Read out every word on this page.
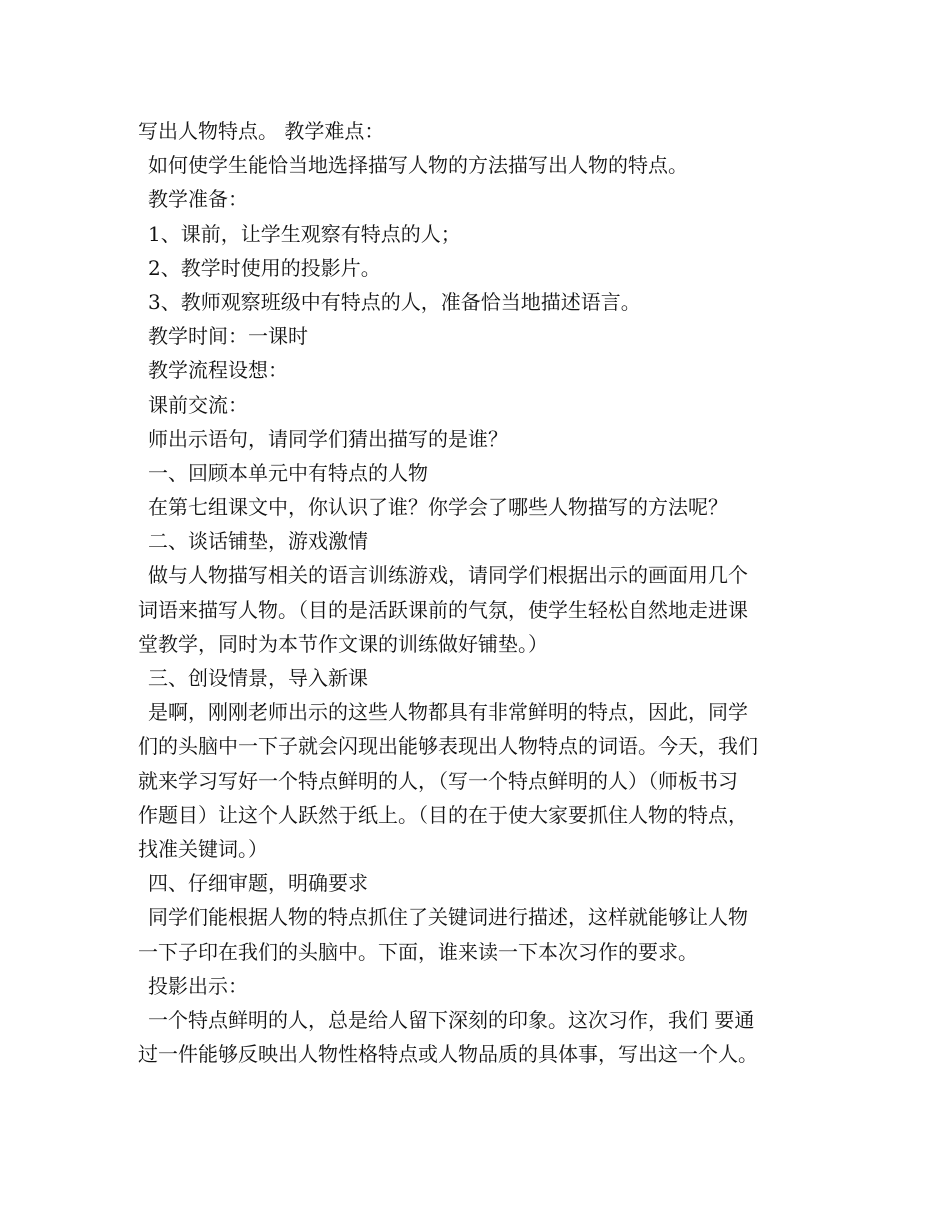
写出人物特点。 教学难点：
如何使学生能恰当地选择描写人物的方法描写出人物的特点。
教学准备：
1、课前，让学生观察有特点的人；
2、教学时使用的投影片。
3、教师观察班级中有特点的人，准备恰当地描述语言。
教学时间：一课时
教学流程设想：
课前交流：
师出示语句，请同学们猜出描写的是谁？
一、回顾本单元中有特点的人物
在第七组课文中，你认识了谁？你学会了哪些人物描写的方法呢？
二、谈话铺垫，游戏激情
做与人物描写相关的语言训练游戏，请同学们根据出示的画面用几个
词语来描写人物。（目的是活跃课前的气氛，使学生轻松自然地走进课
堂教学，同时为本节作文课的训练做好铺垫。）
三、创设情景，导入新课
是啊，刚刚老师出示的这些人物都具有非常鲜明的特点，因此，同学
们的头脑中一下子就会闪现出能够表现出人物特点的词语。今天，我们
就来学习写好一个特点鲜明的人，（写一个特点鲜明的人）（师板书习
作题目）让这个人跃然于纸上。（目的在于使大家要抓住人物的特点，
找准关键词。）
四、仔细审题，明确要求
同学们能根据人物的特点抓住了关键词进行描述，这样就能够让人物
一下子印在我们的头脑中。下面，谁来读一下本次习作的要求。
投影出示：
一个特点鲜明的人，总是给人留下深刻的印象。这次习作，我们 要通
过一件能够反映出人物性格特点或人物品质的具体事，写出这一个人。
